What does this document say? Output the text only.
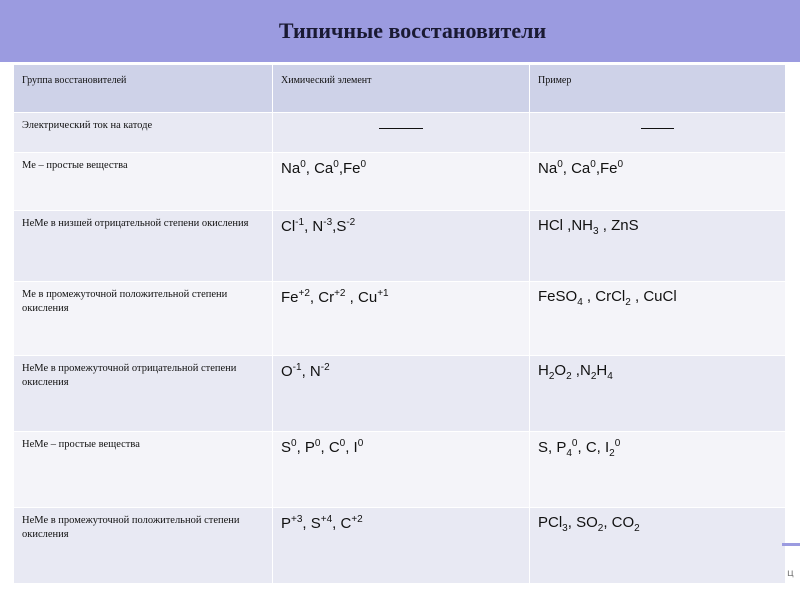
Типичные восстановители
Группа восстановителей	Химический элемент	Пример
Электрический ток на катоде		
Ме – простые вещества	Na$^0$, Ca$^0$,Fe$^0$	Na$^0$, Ca$^0$,Fe$^0$
НеМе в низшей отрицательной степени окисления	$Cl^{-1}$, $N^{-3},S^{-2}$	HCl $,NH_3$ , ZnS
Ме в промежуточной положительной степени окисления	$Fe^{+2}$, $Cr^{+2}$ , $Cu^{+1}$	FeSO$_4$ , CrCl$_2$ , CuCl
НеМе в промежуточной отрицательной степени окисления	$O^{-1}$, $N^{-2}$	$H_2O_2$ $,N_2H_4$
НеМе – простые вещества	$S^0$, $P^0$, $C^0$, $I^0$	S, $P_4^0$, C, $I_2^0$
НеМе в промежуточной положительной степени окисления	$P^{+3}$, $S^{+4}$, $C^{+2}$	PCl$_3$, $SO_2$, $CO_2$
ц
